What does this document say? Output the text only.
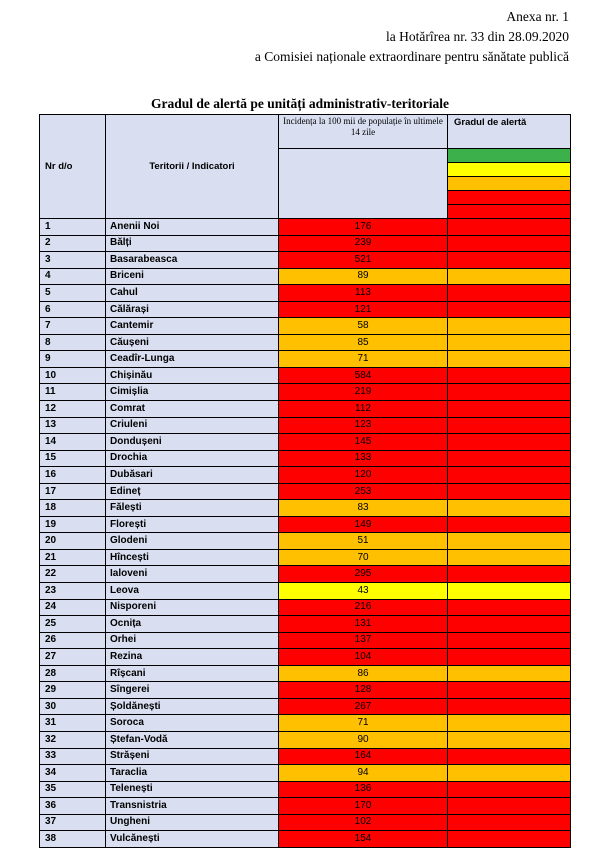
Anexa nr. 1
la Hotărîrea nr. 33 din 28.09.2020
a Comisiei naționale extraordinare pentru sănătate publică
Gradul de alertă pe unități administrativ-teritoriale
Nr d/o	Teritorii / Indicatori	Incidența la 100 mii de populație în ultimele 14 zile	Gradul de alertă

1	Anenii Noi	176	
2	Bălți	239	
3	Basarabeasca	521	
4	Briceni	89	
5	Cahul	113	
6	Călărași	121	
7	Cantemir	58	
8	Căușeni	85	
9	Ceadîr-Lunga	71	
10	Chișinău	584	
11	Cimișlia	219	
12	Comrat	112	
13	Criuleni	123	
14	Dondușeni	145	
15	Drochia	133	
16	Dubăsari	120	
17	Edineț	253	
18	Fălești	83	
19	Florești	149	
20	Glodeni	51	
21	Hîncești	70	
22	Ialoveni	295	
23	Leova	43	
24	Nisporeni	216	
25	Ocnița	131	
26	Orhei	137	
27	Rezina	104	
28	Rîșcani	86	
29	Sîngerei	128	
30	Șoldănești	267	
31	Soroca	71	
32	Ștefan-Vodă	90	
33	Strășeni	164	
34	Taraclia	94	
35	Telenești	136	
36	Transnistria	170	
37	Ungheni	102	
38	Vulcănești	154	
